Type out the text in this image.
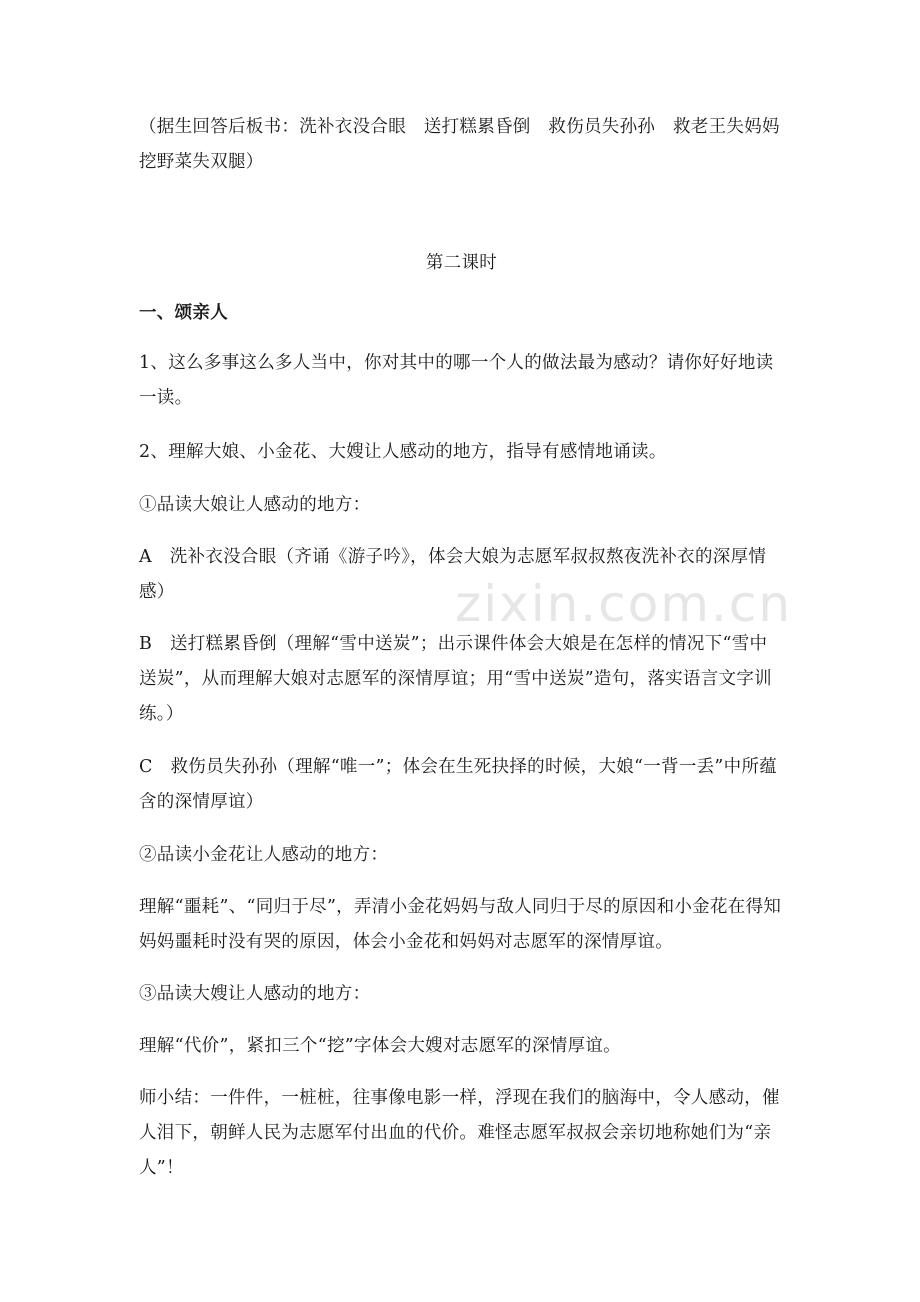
zixin.com.cn

（据生回答后板书：洗补衣没合眼　送打糕累昏倒　救伤员失孙孙　救老王失妈妈　挖野菜失双腿）

第二课时

一、颂亲人

1、这么多事这么多人当中，你对其中的哪一个人的做法最为感动？请你好好地读一读。

2、理解大娘、小金花、大嫂让人感动的地方，指导有感情地诵读。

①品读大娘让人感动的地方：

A　洗补衣没合眼（齐诵《游子吟》，体会大娘为志愿军叔叔熬夜洗补衣的深厚情感）

B　送打糕累昏倒（理解“雪中送炭”；出示课件体会大娘是在怎样的情况下“雪中送炭”，从而理解大娘对志愿军的深情厚谊；用“雪中送炭”造句，落实语言文字训练。）

C　救伤员失孙孙（理解“唯一”；体会在生死抉择的时候，大娘“一背一丢”中所蕴含的深情厚谊）

②品读小金花让人感动的地方：

理解“噩耗”、“同归于尽”，弄清小金花妈妈与敌人同归于尽的原因和小金花在得知妈妈噩耗时没有哭的原因，体会小金花和妈妈对志愿军的深情厚谊。

③品读大嫂让人感动的地方：

理解“代价”，紧扣三个“挖”字体会大嫂对志愿军的深情厚谊。

师小结：一件件，一桩桩，往事像电影一样，浮现在我们的脑海中，令人感动，催人泪下，朝鲜人民为志愿军付出血的代价。难怪志愿军叔叔会亲切地称她们为“亲人”！
